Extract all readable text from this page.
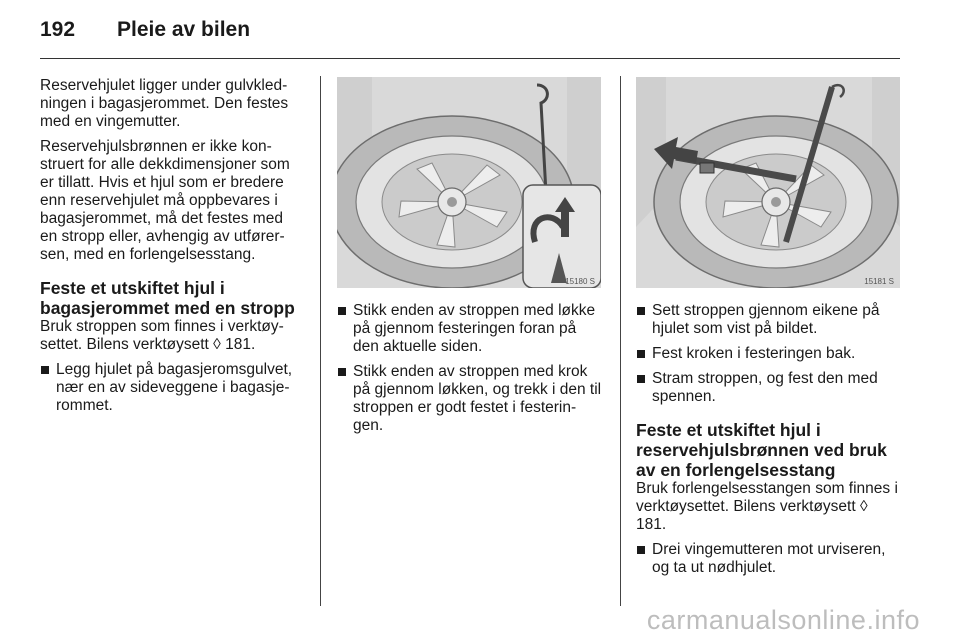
192 Pleie av bilen

Reservehjulet ligger under gulvkled-ningen i bagasjerommet. Den festes med en vingemutter.

Reservehjulsbrønnen er ikke kon-struert for alle dekkdimensjoner som er tillatt. Hvis et hjul som er bredere enn reservehjulet må oppbevares i bagasjerommet, må det festes med en stropp eller, avhengig av utfører-sen, med en forlengelsesstang.

Feste et utskiftet hjul i bagasjerommet med en stropp

Bruk stroppen som finnes i verktøy-settet. Bilens verktøysett ◊ 181.

Legg hjulet på bagasjeromsgulvet, nær en av sideveggene i bagasje-rommet.
15180 S
Stikk enden av stroppen med løkke på gjennom festeringen foran på den aktuelle siden.
Stikk enden av stroppen med krok på gjennom løkken, og trekk i den til stroppen er godt festet i festerin-gen.
15181 S
Sett stroppen gjennom eikene på hjulet som vist på bildet.
Fest kroken i festeringen bak.
Stram stroppen, og fest den med spennen.
Feste et utskiftet hjul i reservehjulsbrønnen ved bruk av en forlengelsesstang

Bruk forlengelsesstangen som finnes i verktøysettet. Bilens verktøysett ◊ 181.

Drei vingemutteren mot urviseren, og ta ut nødhjulet.
carmanualsonline.info
